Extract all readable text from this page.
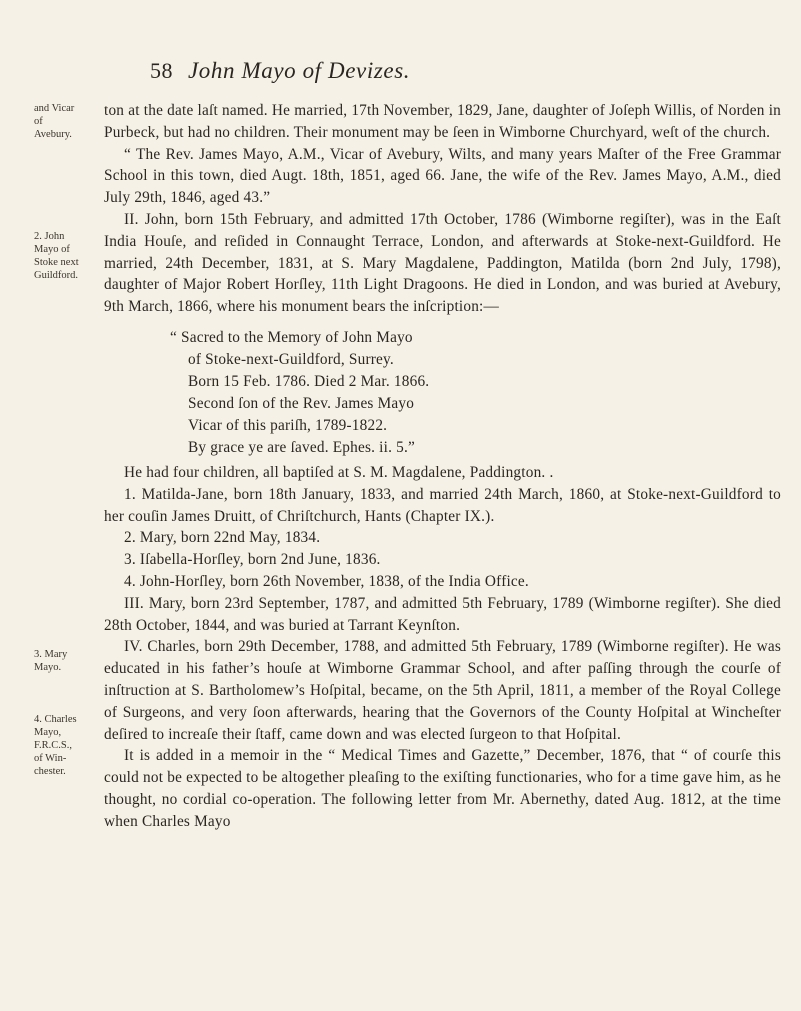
58 John Mayo of Devizes.
and Vicar of Avebury.
2. John Mayo of Stoke next Guildford.
3. Mary Mayo.
4. Charles Mayo, F.R.C.S., of Win-chester.

ton at the date laſt named. He married, 17th November, 1829, Jane, daughter of Joſeph Willis, of Norden in Purbeck, but had no children. Their monument may be ſeen in Wimborne Churchyard, weſt of the church.

“ The Rev. James Mayo, A.M., Vicar of Avebury, Wilts, and many years Maſter of the Free Grammar School in this town, died Augt. 18th, 1851, aged 66. Jane, the wife of the Rev. James Mayo, A.M., died July 29th, 1846, aged 43.”

II. John, born 15th February, and admitted 17th October, 1786 (Wimborne regiſter), was in the Eaſt India Houſe, and reſided in Connaught Terrace, London, and afterwards at Stoke-next-Guildford. He married, 24th December, 1831, at S. Mary Magdalene, Paddington, Matilda (born 2nd July, 1798), daughter of Major Robert Horſley, 11th Light Dragoons. He died in London, and was buried at Avebury, 9th March, 1866, where his monument bears the inſcription:—

“ Sacred to the Memory of John Mayo
of Stoke-next-Guildford, Surrey.
Born 15 Feb. 1786. Died 2 Mar. 1866.
Second ſon of the Rev. James Mayo
Vicar of this pariſh, 1789-1822.
By grace ye are ſaved. Ephes. ii. 5.”

He had four children, all baptiſed at S. M. Magdalene, Paddington. .

1. Matilda-Jane, born 18th January, 1833, and married 24th March, 1860, at Stoke-next-Guildford to her couſin James Druitt, of Chriſtchurch, Hants (Chapter IX.).

2. Mary, born 22nd May, 1834.

3. Iſabella-Horſley, born 2nd June, 1836.

4. John-Horſley, born 26th November, 1838, of the India Office.

III. Mary, born 23rd September, 1787, and admitted 5th February, 1789 (Wimborne regiſter). She died 28th October, 1844, and was buried at Tarrant Keynſton.

IV. Charles, born 29th December, 1788, and admitted 5th February, 1789 (Wimborne regiſter). He was educated in his father’s houſe at Wimborne Grammar School, and after paſſing through the courſe of inſtruction at S. Bartholomew’s Hoſpital, became, on the 5th April, 1811, a member of the Royal College of Surgeons, and very ſoon afterwards, hearing that the Governors of the County Hoſpital at Wincheſter deſired to increaſe their ſtaff, came down and was elected ſurgeon to that Hoſpital.

It is added in a memoir in the “ Medical Times and Gazette,” December, 1876, that “ of courſe this could not be expected to be altogether pleaſing to the exiſting functionaries, who for a time gave him, as he thought, no cordial co-operation. The following letter from Mr. Abernethy, dated Aug. 1812, at the time when Charles Mayo
